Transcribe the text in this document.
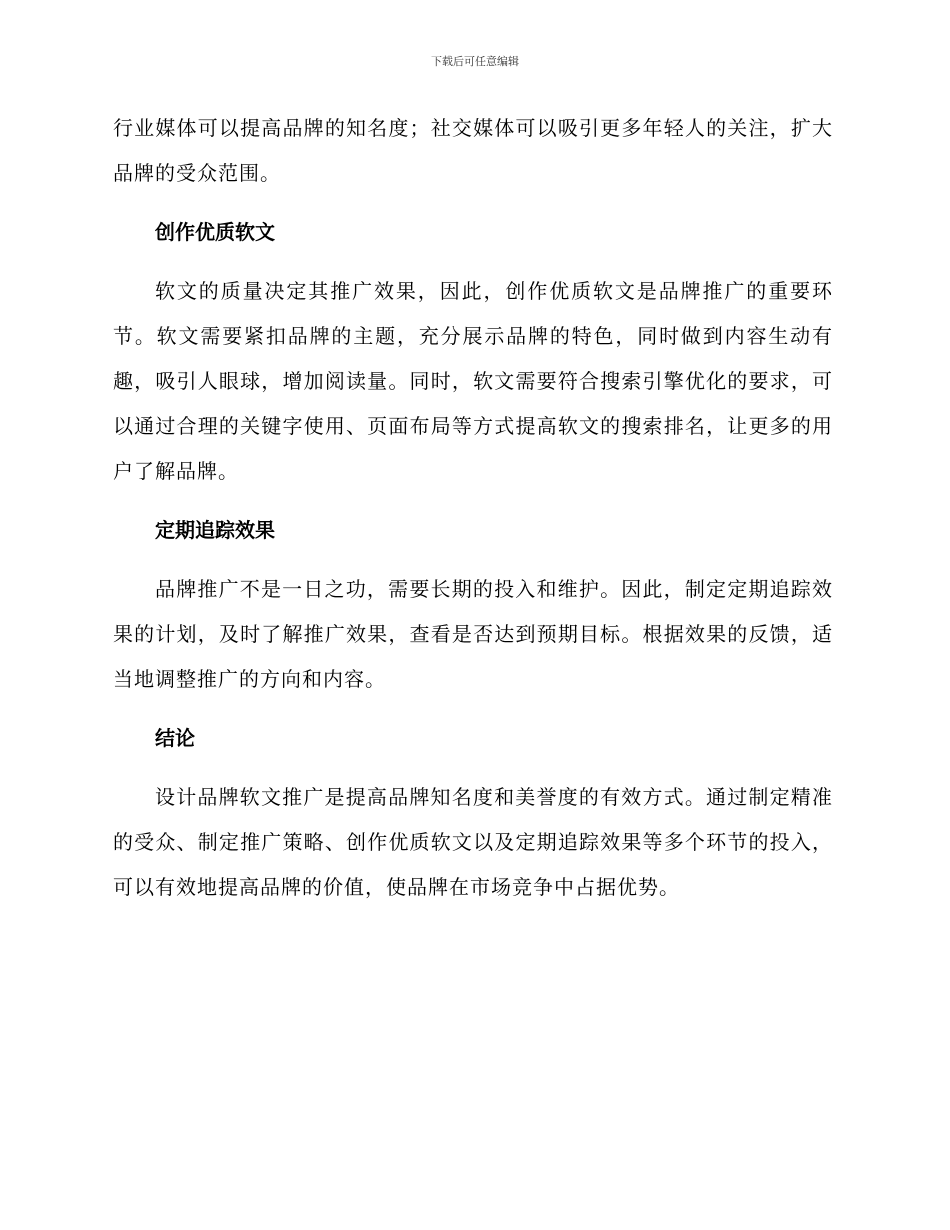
下载后可任意编辑

行业媒体可以提高品牌的知名度；社交媒体可以吸引更多年轻人的关注，扩大品牌的受众范围。

创作优质软文

软文的质量决定其推广效果，因此，创作优质软文是品牌推广的重要环节。软文需要紧扣品牌的主题，充分展示品牌的特色，同时做到内容生动有趣，吸引人眼球，增加阅读量。同时，软文需要符合搜索引擎优化的要求，可以通过合理的关键字使用、页面布局等方式提高软文的搜索排名，让更多的用户了解品牌。

定期追踪效果

品牌推广不是一日之功，需要长期的投入和维护。因此，制定定期追踪效果的计划，及时了解推广效果，查看是否达到预期目标。根据效果的反馈，适当地调整推广的方向和内容。

结论

设计品牌软文推广是提高品牌知名度和美誉度的有效方式。通过制定精准的受众、制定推广策略、创作优质软文以及定期追踪效果等多个环节的投入，可以有效地提高品牌的价值，使品牌在市场竞争中占据优势。
